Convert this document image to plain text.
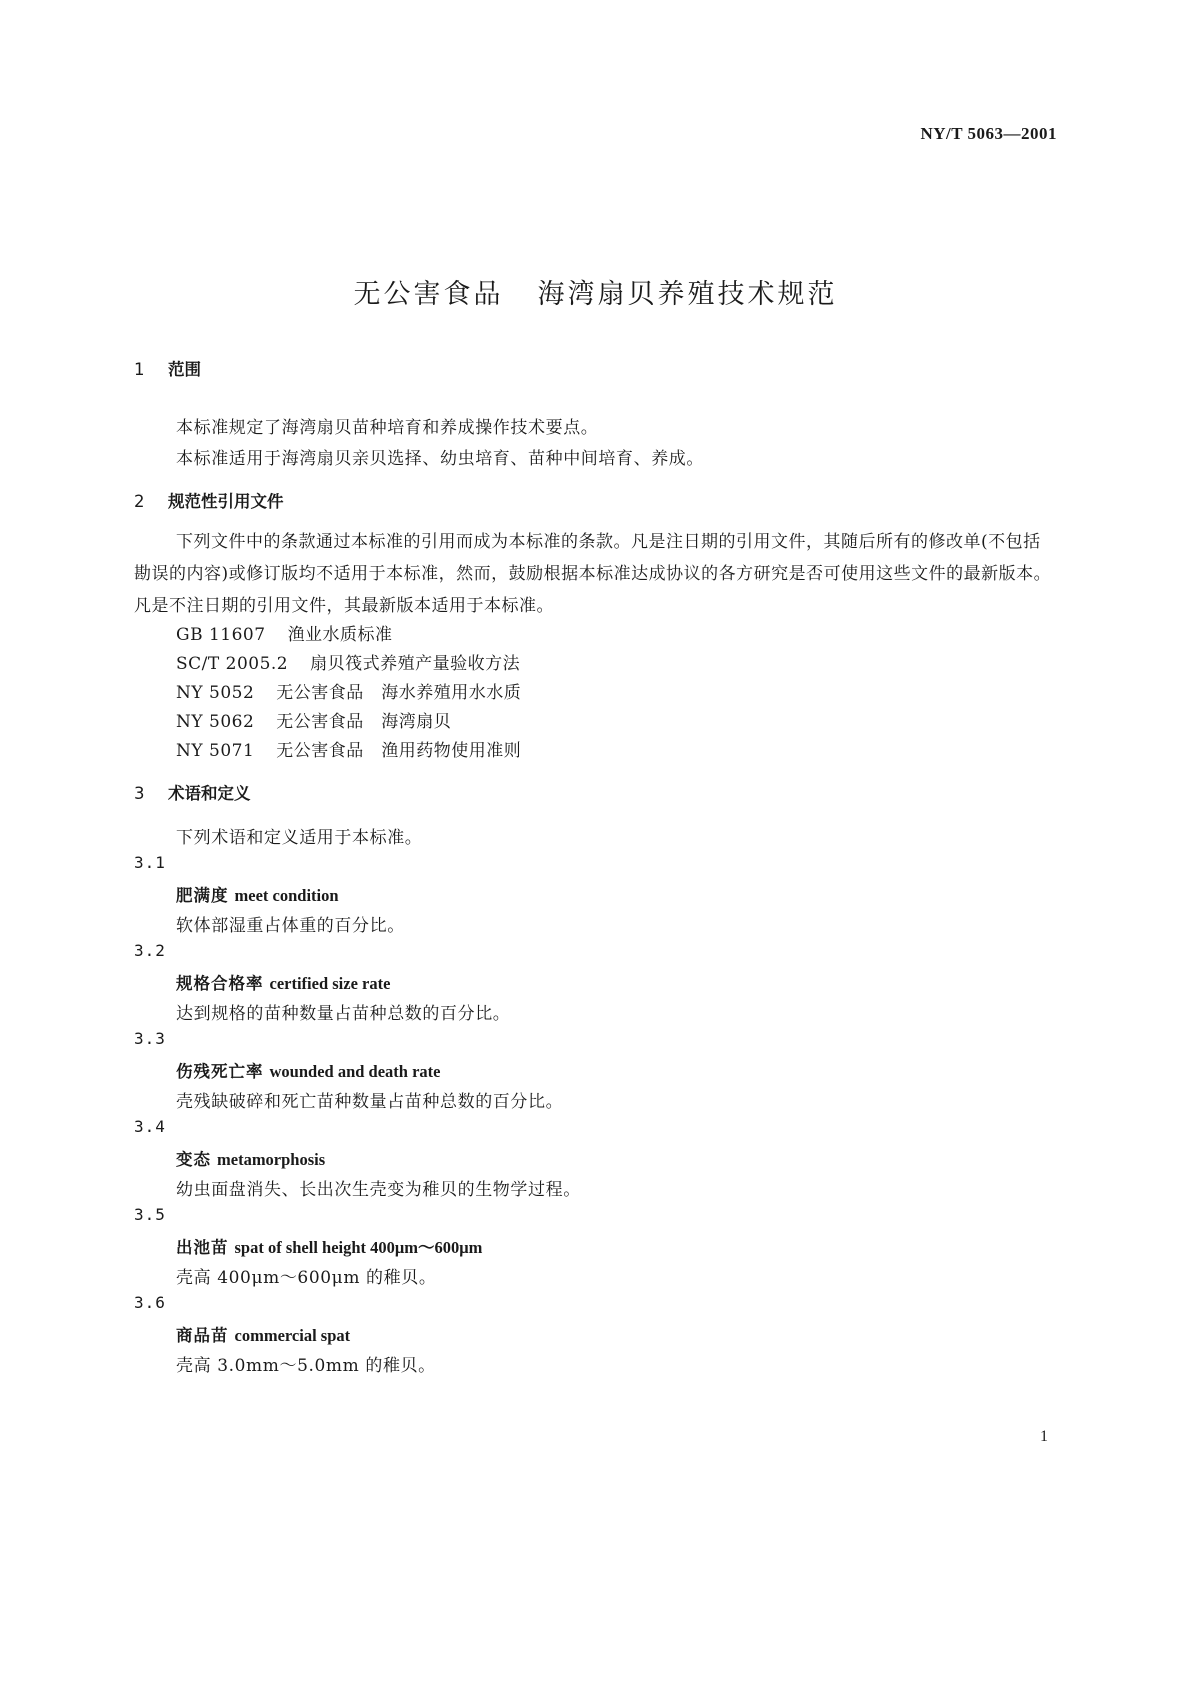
NY/T 5063—2001
无公害食品 海湾扇贝养殖技术规范
1 范围
本标准规定了海湾扇贝苗种培育和养成操作技术要点。
本标准适用于海湾扇贝亲贝选择、幼虫培育、苗种中间培育、养成。
2 规范性引用文件
下列文件中的条款通过本标准的引用而成为本标准的条款。凡是注日期的引用文件，其随后所有的修改单(不包括勘误的内容)或修订版均不适用于本标准，然而，鼓励根据本标准达成协议的各方研究是否可使用这些文件的最新版本。凡是不注日期的引用文件，其最新版本适用于本标准。
GB 11607 渔业水质标准
SC/T 2005.2 扇贝筏式养殖产量验收方法
NY 5052 无公害食品　海水养殖用水水质
NY 5062 无公害食品　海湾扇贝
NY 5071 无公害食品　渔用药物使用准则
3 术语和定义
下列术语和定义适用于本标准。
3.1
肥满度 meet condition
软体部湿重占体重的百分比。
3.2
规格合格率 certified size rate
达到规格的苗种数量占苗种总数的百分比。
3.3
伤残死亡率 wounded and death rate
壳残缺破碎和死亡苗种数量占苗种总数的百分比。
3.4
变态 metamorphosis
幼虫面盘消失、长出次生壳变为稚贝的生物学过程。
3.5
出池苗 spat of shell height 400μm～600μm
壳高 400μm～600μm 的稚贝。
3.6
商品苗 commercial spat
壳高 3.0mm～5.0mm 的稚贝。
1
